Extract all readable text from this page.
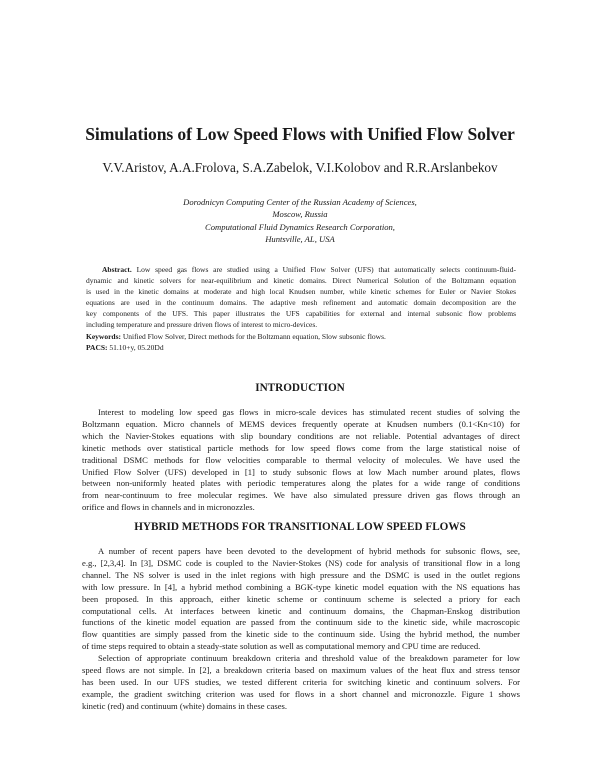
Simulations of Low Speed Flows with Unified Flow Solver
V.V.Aristov, A.A.Frolova, S.A.Zabelok, V.I.Kolobov and R.R.Arslanbekov
Dorodnicyn Computing Center of the Russian Academy of Sciences,
Moscow, Russia
Computational Fluid Dynamics Research Corporation,
Huntsville, AL, USA
Abstract. Low speed gas flows are studied using a Unified Flow Solver (UFS) that automatically selects continuum-fluid-
dynamic and kinetic solvers for near-equilibrium and kinetic domains. Direct Numerical Solution of the Boltzmann equation
is used in the kinetic domains at moderate and high local Knudsen number, while kinetic schemes for Euler or Navier Stokes
equations are used in the continuum domains. The adaptive mesh refinement and automatic domain decomposition are the
key components of the UFS. This paper illustrates the UFS capabilities for external and internal subsonic flow problems
including temperature and pressure driven flows of interest to micro-devices.
Keywords: Unified Flow Solver, Direct methods for the Boltzmann equation, Slow subsonic flows.
PACS: 51.10+y, 05.20Dd
INTRODUCTION
Interest to modeling low speed gas flows in micro-scale devices has stimulated recent studies of solving the
Boltzmann equation. Micro channels of MEMS devices frequently operate at Knudsen numbers (0.1<Kn<10) for
which the Navier-Stokes equations with slip boundary conditions are not reliable. Potential advantages of direct
kinetic methods over statistical particle methods for low speed flows come from the large statistical noise of
traditional DSMC methods for flow velocities comparable to thermal velocity of molecules. We have used the
Unified Flow Solver (UFS) developed in [1] to study subsonic flows at low Mach number around plates, flows
between non-uniformly heated plates with periodic temperatures along the plates for a wide range of conditions
from near-continuum to free molecular regimes. We have also simulated pressure driven gas flows through an
orifice and flows in channels and in micronozzles.
HYBRID METHODS FOR TRANSITIONAL LOW SPEED FLOWS
A number of recent papers have been devoted to the development of hybrid methods for subsonic flows, see,
e.g., [2,3,4]. In [3], DSMC code is coupled to the Navier-Stokes (NS) code for analysis of transitional flow in a long
channel. The NS solver is used in the inlet regions with high pressure and the DSMC is used in the outlet regions
with low pressure. In [4], a hybrid method combining a BGK-type kinetic model equation with the NS equations has
been proposed. In this approach, either kinetic scheme or continuum scheme is selected a priory for each
computational cells. At interfaces between kinetic and continuum domains, the Chapman-Enskog distribution
functions of the kinetic model equation are passed from the continuum side to the kinetic side, while macroscopic
flow quantities are simply passed from the kinetic side to the continuum side. Using the hybrid method, the number
of time steps required to obtain a steady-state solution as well as computational memory and CPU time are reduced.
Selection of appropriate continuum breakdown criteria and threshold value of the breakdown parameter for low
speed flows are not simple. In [2], a breakdown criteria based on maximum values of the heat flux and stress tensor
has been used. In our UFS studies, we tested different criteria for switching kinetic and continuum solvers. For
example, the gradient switching criterion was used for flows in a short channel and micronozzle. Figure 1 shows
kinetic (red) and continuum (white) domains in these cases.
